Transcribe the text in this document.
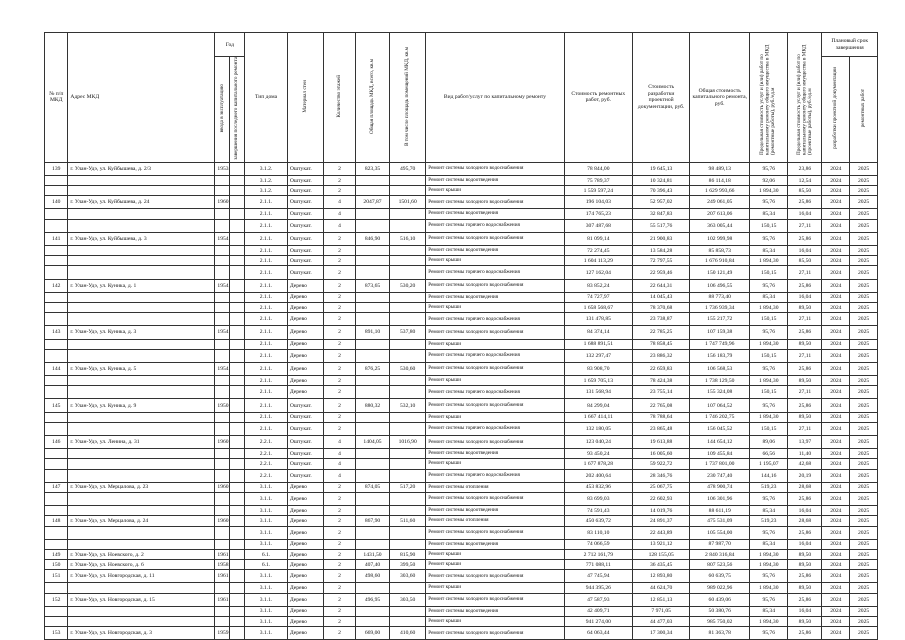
№ п/п МКД	Адрес МКД	Год		Тип дома	Материал стен	Количество этажей	Общая площадь МКД, всего, кв.м	В том числе площадь помещений МКД, кв.м	Вид работ/услуг по капитальному ремонту	Стоимость ремонтных работ, руб.	Стоимость разработки проектной документации, руб.	Общая стоимость капитального ремонта, руб.	Предельная стоимость услуг и (или) работ по капитальному ремонту общего имущества в МКД (ремонтные работы), руб./ед.м	Предельная стоимость услуг и (или) работ по капитальному ремонту общего имущества в МКД (проектные работы), руб./ед.м	Плановый срок завершения	
		ввода в эксплуатацию	завершения последнего капитального ремонта												разработки проектной документации	ремонтных работ
139	г. Улан-Удэ, ул. Куйбышева, д. 2/3	1953		3.1.2.	Оштукат.	2	823,35	495,70	Ремонт системы холодного водоснабжения	78 844,00	19 645,13	98 489,13	95,76	23,86	2024	2025
				3.1.2.	Оштукат.	2			Ремонт системы водоотведения	75 789,37	10 324,81	86 114,18	92,06	12,54	2024	2025
				3.1.2.	Оштукат.	2			Ремонт крыши	1 559 597,24	70 396,43	1 629 993,66	1 894,30	85,50	2024	2025
140	г. Улан-Удэ, ул. Куйбышева, д. 24	1960		2.1.1.	Оштукат.	4	2047,87	1501,60	Ремонт системы холодного водоснабжения	196 104,03	52 957,02	249 061,05	95,76	25,86	2024	2025
				2.1.1.	Оштукат.	4			Ремонт системы водоотведения	174 765,23	32 847,83	207 613,06	85,34	16,04	2024	2025
				2.1.1.	Оштукат.	4			Ремонт системы горячего водоснабжения	307 487,68	55 517,76	363 005,44	150,15	27,11	2024	2025
141	г. Улан-Удэ, ул. Куйбышева, д. 3	1954		2.1.1.	Оштукат.	2	846,90	516,10	Ремонт системы холодного водоснабжения	81 099,14	21 900,83	102 999,98	95,76	25,86	2024	2025
				2.1.1.	Оштукат.	2			Ремонт системы водоотведения	72 274,45	13 584,28	85 858,73	85,34	16,04	2024	2025
				2.1.1.	Оштукат.	2			Ремонт крыши	1 604 113,29	72 797,55	1 676 910,84	1 894,30	85,50	2024	2025
				2.1.1.	Оштукат.	2			Ремонт системы горячего водоснабжения	127 162,04	22 959,46	150 121,49	150,15	27,11	2024	2025
142	г. Улан-Удэ, ул. Куника, д. 1	1954		2.1.1.	Дерево	2	873,65	530,20	Ремонт системы холодного водоснабжения	83 852,24	22 644,31	106 496,55	95,76	25,86	2024	2025
				2.1.1.	Дерево	2			Ремонт системы водоотведения	74 727,97	14 045,43	88 773,40	85,34	16,04	2024	2025
				2.1.1.	Дерево	2			Ремонт крыши	1 658 568,67	78 370,68	1 736 939,34	1 894,30	89,50	2024	2025
				2.1.1.	Дерево	2			Ремонт системы горячего водоснабжения	131 478,85	23 738,87	155 217,72	150,15	27,11	2024	2025
143	г. Улан-Удэ, ул. Куника, д. 3	1954		2.1.1.	Дерево	2	891,10	537,80	Ремонт системы холодного водоснабжения	84 374,14	22 785,25	107 159,38	95,76	25,86	2024	2025
				2.1.1.	Дерево	2			Ремонт крыши	1 688 891,51	78 858,45	1 747 749,96	1 894,30	89,50	2024	2025
				2.1.1.	Дерево	2			Ремонт системы горячего водоснабжения	132 297,47	23 886,32	156 183,79	150,15	27,11	2024	2025
144	г. Улан-Удэ, ул. Куника, д. 5	1954		2.1.1.	Дерево	2	876,25	530,60	Ремонт системы холодного водоснабжения	83 908,70	22 659,83	106 568,53	95,76	25,86	2024	2025
				2.1.1.	Дерево	2			Ремонт крыши	1 659 705,13	78 424,38	1 738 129,50	1 894,30	89,50	2024	2025
				2.1.1.	Дерево	2			Ремонт системы горячего водоснабжения	131 568,94	23 755,14	155 324,08	150,15	27,11	2024	2025
145	г. Улан-Удэ, ул. Куника, д. 9	1950		2.1.1.	Оштукат.	2	880,32	532,10	Ремонт системы холодного водоснабжения	84 299,04	22 765,08	107 064,52	95,76	25,86	2024	2025
				2.1.1.	Оштукат.	2			Ремонт крыши	1 667 414,11	78 788,64	1 746 202,75	1 894,30	89,50	2024	2025
				2.1.1.	Оштукат.	2			Ремонт системы горячего водоснабжения	132 180,05	23 865,48	156 045,52	150,15	27,11	2024	2025
146	г. Улан-Удэ, ул. Ленина, д. 31	1960		2.2.1.	Оштукат.	4	1404,05	1016,90	Ремонт системы холодного водоснабжения	123 040,24	19 613,88	144 654,12	89,06	13,97	2024	2025
				2.2.1.	Оштукат.	4			Ремонт системы водоотведения	93 450,24	16 005,60	109 455,84	66,56	11,40	2024	2025
				2.2.1.	Оштукат.	4			Ремонт крыши	1 677 878,28	59 922,72	1 737 801,00	1 195,07	42,68	2024	2025
				2.2.1.	Оштукат.	4			Ремонт системы горячего водоснабжения	202 400,64	28 346,76	230 747,40	144,16	20,19	2024	2025
147	г. Улан-Удэ, ул. Мерцалова, д. 23	1960		3.1.1.	Дерево	2	874,05	517,20	Ремонт системы отопления	453 832,96	25 067,75	478 900,74	519,23	28,68	2024	2025
				3.1.1.	Дерево	2			Ремонт системы холодного водоснабжения	83 699,03	22 602,93	106 301,96	95,76	25,86	2024	2025
				3.1.1.	Дерево	2			Ремонт системы водоотведения	74 591,43	14 019,76	88 611,19	85,34	16,04	2024	2025
148	г. Улан-Удэ, ул. Мерцалова, д. 24	1960		3.1.1.	Дерево	2	867,90	511,60	Ремонт системы отопления	450 639,72	24 891,37	475 531,09	519,23	28,68	2024	2025
				3.1.1.	Дерево	2			Ремонт системы холодного водоснабжения	83 110,10	22 443,89	105 554,00	95,76	25,86	2024	2025
				3.1.1.	Дерево	2			Ремонт системы водоотведения	74 066,59	13 921,12	87 987,70	85,34	16,04	2024	2025
149	г. Улан-Удэ, ул. Ноевского, д. 2	1961		6.1.	Дерево	2	1431,50	815,90	Ремонт крыши	2 712 161,79	128 155,05	2 840 316,84	1 894,30	89,50	2024	2025
150	г. Улан-Удэ, ул. Ноевского, д. 6	1958		6.1.	Дерево	2	407,40	399,50	Ремонт крыши	771 088,11	36 435,45	807 523,56	1 894,30	89,50	2024	2025
151	г. Улан-Удэ, ул. Новгородская, д. 11	1961		3.1.1.	Дерево	2	498,60	303,60	Ремонт системы холодного водоснабжения	47 745,94	12 893,80	60 639,75	95,76	25,86	2024	2025
				3.1.1.	Дерево	2			Ремонт крыши	944 395,26	44 624,70	989 022,96	1 894,30	89,50	2024	2025
152	г. Улан-Удэ, ул. Новгородская, д. 15	1961		3.1.1.	Дерево	2	496,95	303,50	Ремонт системы холодного водоснабжения	47 587,93	12 851,13	60 439,06	95,76	25,86	2024	2025
				3.1.1.	Дерево	2			Ремонт системы водоотведения	42 409,71	7 971,05	50 380,76	85,34	16,04	2024	2025
				3.1.1.	Дерево	2			Ремонт крыши	941 274,00	44 477,03	985 750,02	1 894,30	89,50	2024	2025
153	г. Улан-Удэ, ул. Новгородская, д. 3	1959		3.1.1.	Дерево	2	669,00	410,60	Ремонт системы холодного водоснабжения	64 063,44	17 300,34	81 363,78	95,76	25,86	2024	2025
